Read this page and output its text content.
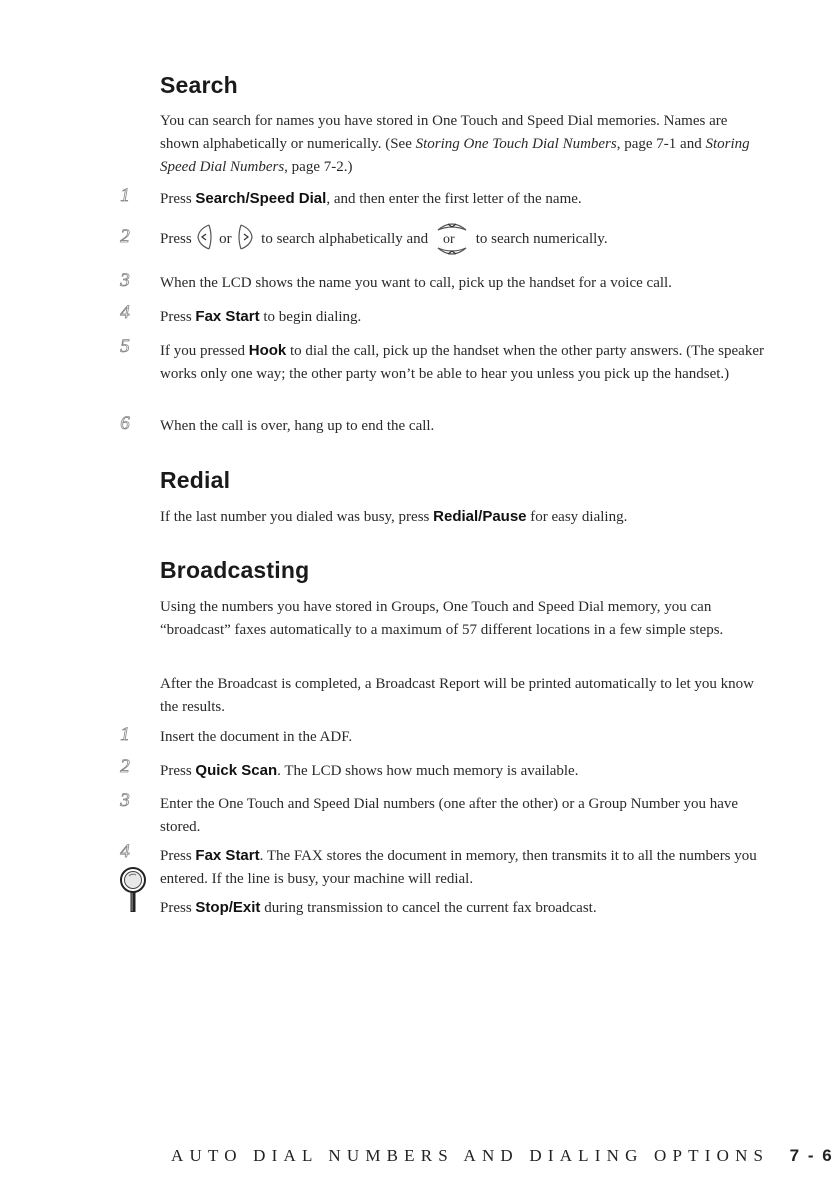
Search

You can search for names you have stored in One Touch and Speed Dial memories. Names are shown alphabetically or numerically. (See Storing One Touch Dial Numbers, page 7-1 and Storing Speed Dial Numbers, page 7-2.)

1 Press Search/Speed Dial, and then enter the first letter of the name.

2 Press  or to search alphabetically and or to search numerically.

3 When the LCD shows the name you want to call, pick up the handset for a voice call.

4 Press Fax Start to begin dialing.

5 If you pressed Hook to dial the call, pick up the handset when the other party answers. (The speaker works only one way; the other party won’t be able to hear you unless you pick up the handset.)

6 When the call is over, hang up to end the call.

Redial

If the last number you dialed was busy, press Redial/Pause for easy dialing.

Broadcasting

Using the numbers you have stored in Groups, One Touch and Speed Dial memory, you can “broadcast” faxes automatically to a maximum of 57 different locations in a few simple steps.

After the Broadcast is completed, a Broadcast Report will be printed automatically to let you know the results.

1 Insert the document in the ADF.

2 Press Quick Scan. The LCD shows how much memory is available.

3 Enter the One Touch and Speed Dial numbers (one after the other) or a Group Number you have stored.

4 Press Fax Start. The FAX stores the document in memory, then transmits it to all the numbers you entered. If the line is busy, your machine will redial.

Press Stop/Exit during transmission to cancel the current fax broadcast.

AUTO DIAL NUMBERS AND DIALING OPTIONS 7 - 6
